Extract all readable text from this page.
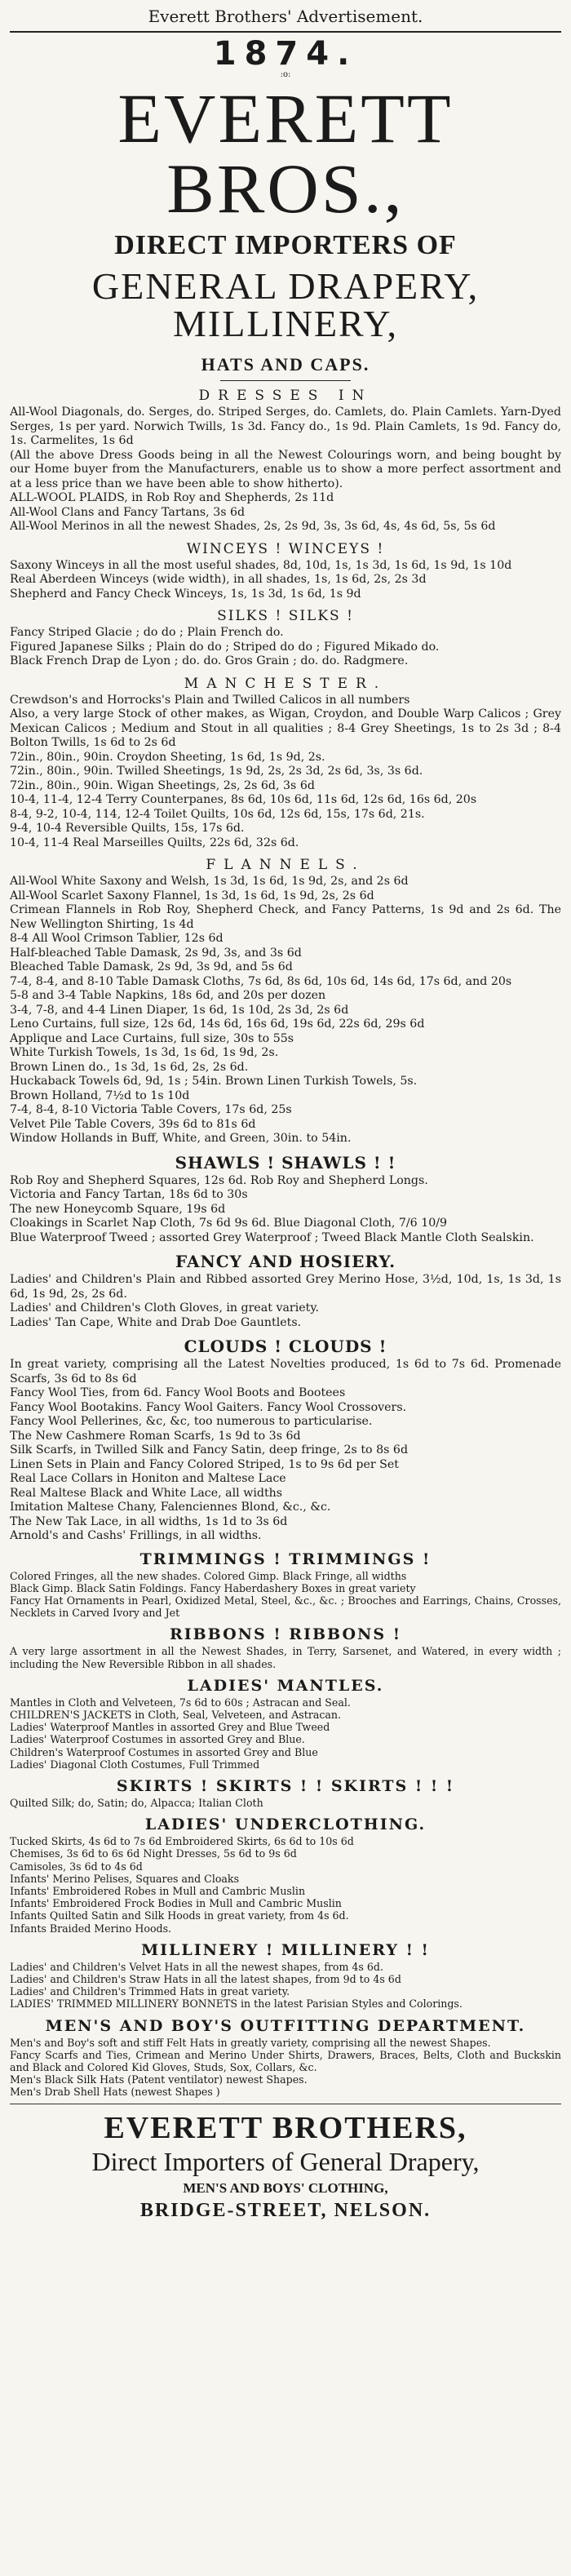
Everett Brothers' Advertisement.
1874.
:o:
EVERETT BROS.,
DIRECT IMPORTERS OF
GENERAL DRAPERY, MILLINERY,
HATS AND CAPS.
DRESSES IN

All-Wool Diagonals, do. Serges, do. Striped Serges, do. Camlets, do. Plain Camlets. Yarn-Dyed Serges, 1s per yard. Norwich Twills, 1s 3d. Fancy do., 1s 9d. Plain Camlets, 1s 9d. Fancy do, 1s. Carmelites, 1s 6d

(All the above Dress Goods being in all the Newest Colourings worn, and being bought by our Home buyer from the Manufacturers, enable us to show a more perfect assortment and at a less price than we have been able to show hitherto).

ALL-WOOL PLAIDS, in Rob Roy and Shepherds, 2s 11d

All-Wool Clans and Fancy Tartans, 3s 6d

All-Wool Merinos in all the newest Shades, 2s, 2s 9d, 3s, 3s 6d, 4s, 4s 6d, 5s, 5s 6d

WINCEYS ! WINCEYS !

Saxony Winceys in all the most useful shades, 8d, 10d, 1s, 1s 3d, 1s 6d, 1s 9d, 1s 10d

Real Aberdeen Winceys (wide width), in all shades, 1s, 1s 6d, 2s, 2s 3d

Shepherd and Fancy Check Winceys, 1s, 1s 3d, 1s 6d, 1s 9d

SILKS ! SILKS !

Fancy Striped Glacie ; do do ; Plain French do.

Figured Japanese Silks ; Plain do do ; Striped do do ; Figured Mikado do.

Black French Drap de Lyon ; do. do. Gros Grain ; do. do. Radgmere.

MANCHESTER.

Crewdson's and Horrocks's Plain and Twilled Calicos in all numbers

Also, a very large Stock of other makes, as Wigan, Croydon, and Double Warp Calicos ; Grey Mexican Calicos ; Medium and Stout in all qualities ; 8-4 Grey Sheetings, 1s to 2s 3d ; 8-4 Bolton Twills, 1s 6d to 2s 6d

72in., 80in., 90in. Croydon Sheeting, 1s 6d, 1s 9d, 2s.

72in., 80in., 90in. Twilled Sheetings, 1s 9d, 2s, 2s 3d, 2s 6d, 3s, 3s 6d.

72in., 80in., 90in. Wigan Sheetings, 2s, 2s 6d, 3s 6d

10-4, 11-4, 12-4 Terry Counterpanes, 8s 6d, 10s 6d, 11s 6d, 12s 6d, 16s 6d, 20s

8-4, 9-2, 10-4, 114, 12-4 Toilet Quilts, 10s 6d, 12s 6d, 15s, 17s 6d, 21s.

9-4, 10-4 Reversible Quilts, 15s, 17s 6d.

10-4, 11-4 Real Marseilles Quilts, 22s 6d, 32s 6d.

FLANNELS.

All-Wool White Saxony and Welsh, 1s 3d, 1s 6d, 1s 9d, 2s, and 2s 6d

All-Wool Scarlet Saxony Flannel, 1s 3d, 1s 6d, 1s 9d, 2s, 2s 6d

Crimean Flannels in Rob Roy, Shepherd Check, and Fancy Patterns, 1s 9d and 2s 6d. The New Wellington Shirting, 1s 4d

8-4 All Wool Crimson Tablier, 12s 6d

Half-bleached Table Damask, 2s 9d, 3s, and 3s 6d

Bleached Table Damask, 2s 9d, 3s 9d, and 5s 6d

7-4, 8-4, and 8-10 Table Damask Cloths, 7s 6d, 8s 6d, 10s 6d, 14s 6d, 17s 6d, and 20s

5-8 and 3-4 Table Napkins, 18s 6d, and 20s per dozen

3-4, 7-8, and 4-4 Linen Diaper, 1s 6d, 1s 10d, 2s 3d, 2s 6d

Leno Curtains, full size, 12s 6d, 14s 6d, 16s 6d, 19s 6d, 22s 6d, 29s 6d

Applique and Lace Curtains, full size, 30s to 55s

White Turkish Towels, 1s 3d, 1s 6d, 1s 9d, 2s.

Brown Linen do., 1s 3d, 1s 6d, 2s, 2s 6d.

Huckaback Towels 6d, 9d, 1s ; 54in. Brown Linen Turkish Towels, 5s.

Brown Holland, 7½d to 1s 10d

7-4, 8-4, 8-10 Victoria Table Covers, 17s 6d, 25s

Velvet Pile Table Covers, 39s 6d to 81s 6d

Window Hollands in Buff, White, and Green, 30in. to 54in.

SHAWLS ! SHAWLS ! !

Rob Roy and Shepherd Squares, 12s 6d. Rob Roy and Shepherd Longs.

Victoria and Fancy Tartan, 18s 6d to 30s

The new Honeycomb Square, 19s 6d

Cloakings in Scarlet Nap Cloth, 7s 6d 9s 6d. Blue Diagonal Cloth, 7/6 10/9

Blue Waterproof Tweed ; assorted Grey Waterproof ; Tweed Black Mantle Cloth Sealskin.

FANCY AND HOSIERY.

Ladies' and Children's Plain and Ribbed assorted Grey Merino Hose, 3½d, 10d, 1s, 1s 3d, 1s 6d, 1s 9d, 2s, 2s 6d.

Ladies' and Children's Cloth Gloves, in great variety.

Ladies' Tan Cape, White and Drab Doe Gauntlets.

CLOUDS ! CLOUDS !

In great variety, comprising all the Latest Novelties produced, 1s 6d to 7s 6d. Promenade Scarfs, 3s 6d to 8s 6d

Fancy Wool Ties, from 6d. Fancy Wool Boots and Bootees

Fancy Wool Bootakins. Fancy Wool Gaiters. Fancy Wool Crossovers.

Fancy Wool Pellerines, &c, &c, too numerous to particularise.

The New Cashmere Roman Scarfs, 1s 9d to 3s 6d

Silk Scarfs, in Twilled Silk and Fancy Satin, deep fringe, 2s to 8s 6d

Linen Sets in Plain and Fancy Colored Striped, 1s to 9s 6d per Set

Real Lace Collars in Honiton and Maltese Lace

Real Maltese Black and White Lace, all widths

Imitation Maltese Chany, Falenciennes Blond, &c., &c.

The New Tak Lace, in all widths, 1s 1d to 3s 6d

Arnold's and Cashs' Frillings, in all widths.

TRIMMINGS ! TRIMMINGS !

Colored Fringes, all the new shades. Colored Gimp. Black Fringe, all widths

Black Gimp. Black Satin Foldings. Fancy Haberdashery Boxes in great variety

Fancy Hat Ornaments in Pearl, Oxidized Metal, Steel, &c., &c. ; Brooches and Earrings, Chains, Crosses, Necklets in Carved Ivory and Jet

RIBBONS ! RIBBONS !

A very large assortment in all the Newest Shades, in Terry, Sarsenet, and Watered, in every width ; including the New Reversible Ribbon in all shades.

LADIES' MANTLES.

Mantles in Cloth and Velveteen, 7s 6d to 60s ; Astracan and Seal.

CHILDREN'S JACKETS in Cloth, Seal, Velveteen, and Astracan.

Ladies' Waterproof Mantles in assorted Grey and Blue Tweed

Ladies' Waterproof Costumes in assorted Grey and Blue.

Children's Waterproof Costumes in assorted Grey and Blue

Ladies' Diagonal Cloth Costumes, Full Trimmed

SKIRTS ! SKIRTS ! ! SKIRTS ! ! !

Quilted Silk; do, Satin; do, Alpacca; Italian Cloth

LADIES' UNDERCLOTHING.

Tucked Skirts, 4s 6d to 7s 6d Embroidered Skirts, 6s 6d to 10s 6d

Chemises, 3s 6d to 6s 6d Night Dresses, 5s 6d to 9s 6d

Camisoles, 3s 6d to 4s 6d

Infants' Merino Pelises, Squares and Cloaks

Infants' Embroidered Robes in Mull and Cambric Muslin

Infants' Embroidered Frock Bodies in Mull and Cambric Muslin

Infants Quilted Satin and Silk Hoods in great variety, from 4s 6d.

Infants Braided Merino Hoods.

MILLINERY ! MILLINERY ! !

Ladies' and Children's Velvet Hats in all the newest shapes, from 4s 6d.

Ladies' and Children's Straw Hats in all the latest shapes, from 9d to 4s 6d

Ladies' and Children's Trimmed Hats in great variety.

LADIES' TRIMMED MILLINERY BONNETS in the latest Parisian Styles and Colorings.

MEN'S AND BOY'S OUTFITTING DEPARTMENT.

Men's and Boy's soft and stiff Felt Hats in greatly variety, comprising all the newest Shapes.

Fancy Scarfs and Ties, Crimean and Merino Under Shirts, Drawers, Braces, Belts, Cloth and Buckskin and Black and Colored Kid Gloves, Studs, Sox, Collars, &c.

Men's Black Silk Hats (Patent ventilator) newest Shapes.

Men's Drab Shell Hats (newest Shapes )

EVERETT BROTHERS,
Direct Importers of General Drapery,
MEN'S AND BOYS' CLOTHING,
BRIDGE-STREET, NELSON.
